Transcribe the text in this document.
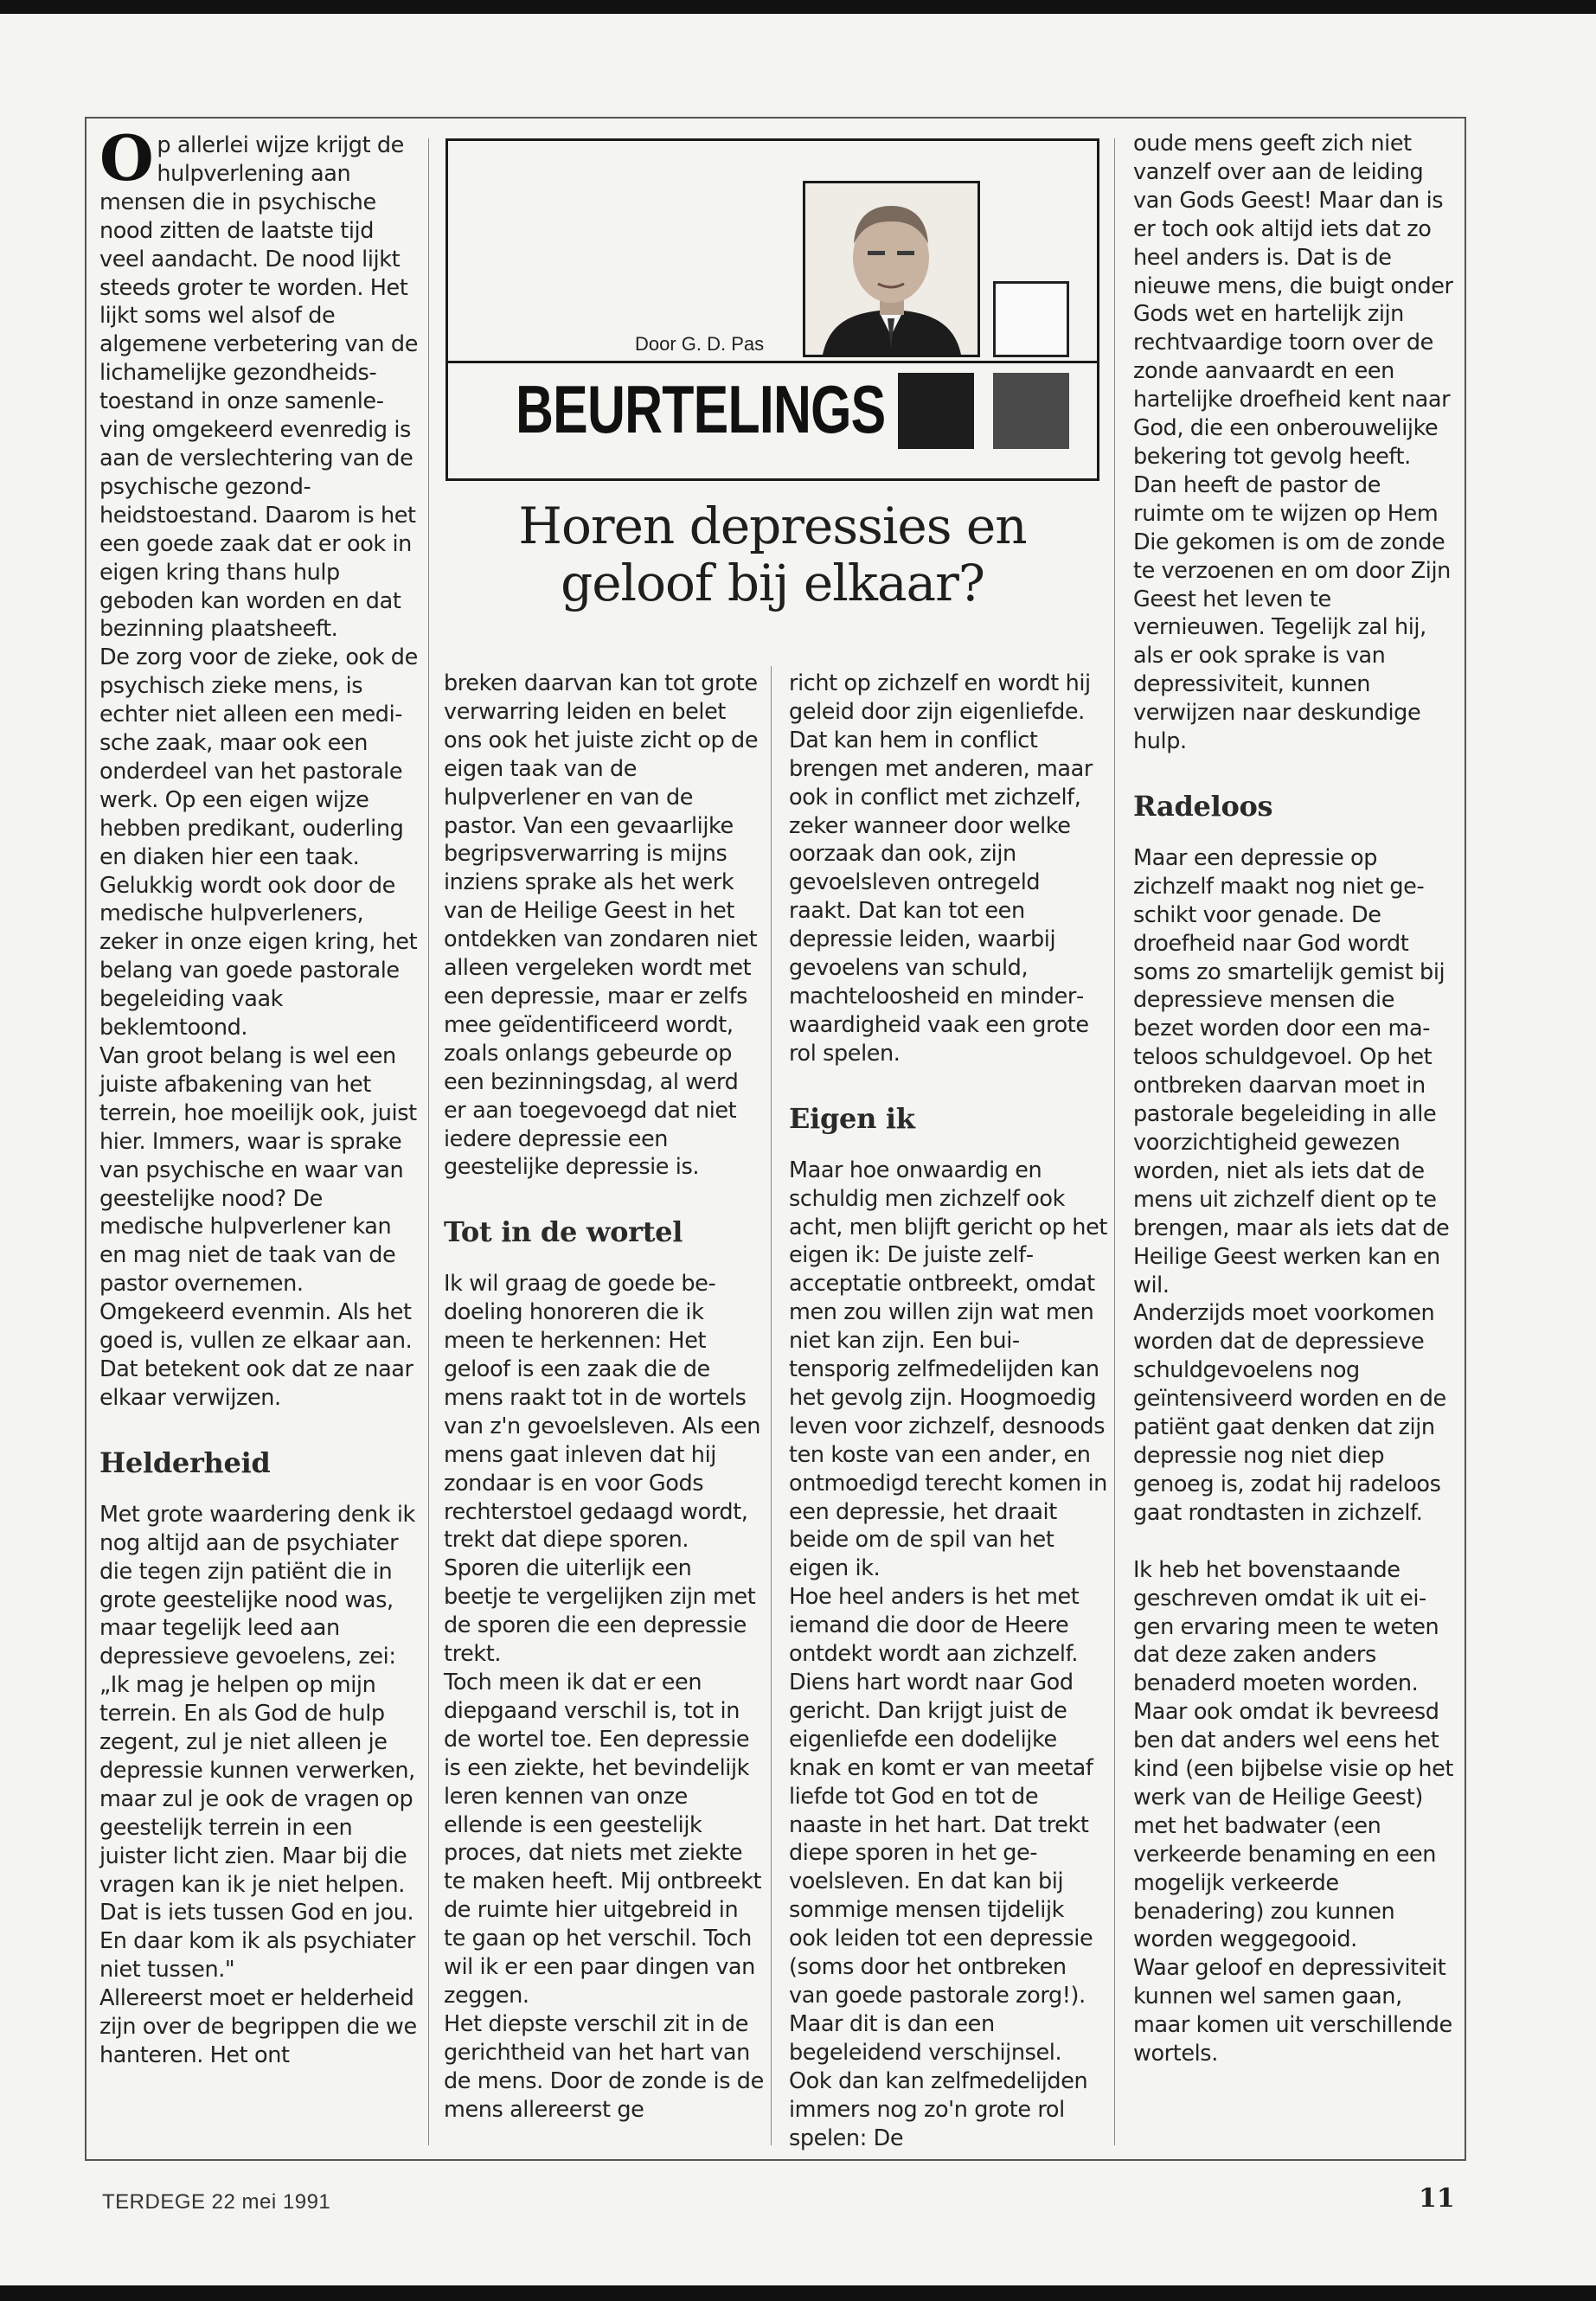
Op allerlei wijze krijgt de hulpverlening aan mensen die in psychische nood zitten de laatste tijd veel aandacht. De nood lijkt steeds groter te worden. Het lijkt soms wel alsof de algemene verbetering van de lichamelijke gezondheidstoestand in onze samenleving omgekeerd evenredig is aan de verslechtering van de psychische gezondheidstoestand. Daarom is het een goede zaak dat er ook in eigen kring thans hulp geboden kan worden en dat bezinning plaatsheeft.

De zorg voor de zieke, ook de psychisch zieke mens, is echter niet alleen een medische zaak, maar ook een onderdeel van het pastorale werk. Op een eigen wijze hebben predikant, ouderling en diaken hier een taak. Gelukkig wordt ook door de medische hulpverleners, zeker in onze eigen kring, het belang van goede pastorale begeleiding vaak beklemtoond.

Van groot belang is wel een juiste afbakening van het terrein, hoe moeilijk ook, juist hier. Immers, waar is sprake van psychische en waar van geestelijke nood? De medische hulpverlener kan en mag niet de taak van de pastor overnemen. Omgekeerd evenmin. Als het goed is, vullen ze elkaar aan. Dat betekent ook dat ze naar elkaar verwijzen.

Helderheid

Met grote waardering denk ik nog altijd aan de psychiater die tegen zijn patiënt die in grote geestelijke nood was, maar tegelijk leed aan depressieve gevoelens, zei: „Ik mag je helpen op mijn terrein. En als God de hulp zegent, zul je niet alleen je depressie kunnen verwerken, maar zul je ook de vragen op geestelijk terrein in een juister licht zien. Maar bij die vragen kan ik je niet helpen. Dat is iets tussen God en jou. En daar kom ik als psychiater niet tussen."

Allereerst moet er helderheid zijn over de begrippen die we hanteren. Het ont

Door G. D. Pas
BEURTELINGS
Horen depressies en
geloof bij elkaar?

breken daarvan kan tot grote verwarring leiden en belet ons ook het juiste zicht op de eigen taak van de hulpverlener en van de pastor. Van een gevaarlijke begripsverwarring is mijns inziens sprake als het werk van de Heilige Geest in het ontdekken van zondaren niet alleen vergeleken wordt met een depressie, maar er zelfs mee geïdentificeerd wordt, zoals onlangs gebeurde op een bezinningsdag, al werd er aan toegevoegd dat niet iedere depressie een geestelijke depressie is.

Tot in de wortel

Ik wil graag de goede bedoeling honoreren die ik meen te herkennen: Het geloof is een zaak die de mens raakt tot in de wortels van z'n gevoelsleven. Als een mens gaat inleven dat hij zondaar is en voor Gods rechterstoel gedaagd wordt, trekt dat diepe sporen. Sporen die uiterlijk een beetje te vergelijken zijn met de sporen die een depressie trekt.

Toch meen ik dat er een diepgaand verschil is, tot in de wortel toe. Een depressie is een ziekte, het bevindelijk leren kennen van onze ellende is een geestelijk proces, dat niets met ziekte te maken heeft. Mij ontbreekt de ruimte hier uitgebreid in te gaan op het verschil. Toch wil ik er een paar dingen van zeggen.

Het diepste verschil zit in de gerichtheid van het hart van de mens. Door de zonde is de mens allereerst ge

richt op zichzelf en wordt hij geleid door zijn eigenliefde. Dat kan hem in conflict brengen met anderen, maar ook in conflict met zichzelf, zeker wanneer door welke oorzaak dan ook, zijn gevoelsleven ontregeld raakt. Dat kan tot een depressie leiden, waarbij gevoelens van schuld, machteloosheid en minderwaardigheid vaak een grote rol spelen.

Eigen ik

Maar hoe onwaardig en schuldig men zichzelf ook acht, men blijft gericht op het eigen ik: De juiste zelfacceptatie ontbreekt, omdat men zou willen zijn wat men niet kan zijn. Een buitensporig zelfmedelijden kan het gevolg zijn. Hoogmoedig leven voor zichzelf, desnoods ten koste van een ander, en ontmoedigd terecht komen in een depressie, het draait beide om de spil van het eigen ik.

Hoe heel anders is het met iemand die door de Heere ontdekt wordt aan zichzelf. Diens hart wordt naar God gericht. Dan krijgt juist de eigenliefde een dodelijke knak en komt er van meetaf liefde tot God en tot de naaste in het hart. Dat trekt diepe sporen in het gevoelsleven. En dat kan bij sommige mensen tijdelijk ook leiden tot een depressie (soms door het ontbreken van goede pastorale zorg!). Maar dit is dan een begeleidend verschijnsel. Ook dan kan zelfmedelijden immers nog zo'n grote rol spelen: De

oude mens geeft zich niet vanzelf over aan de leiding van Gods Geest! Maar dan is er toch ook altijd iets dat zo heel anders is. Dat is de nieuwe mens, die buigt onder Gods wet en hartelijk zijn rechtvaardige toorn over de zonde aanvaardt en een hartelijke droefheid kent naar God, die een onberouwelijke bekering tot gevolg heeft.

Dan heeft de pastor de ruimte om te wijzen op Hem Die gekomen is om de zonde te verzoenen en om door Zijn Geest het leven te vernieuwen. Tegelijk zal hij, als er ook sprake is van depressiviteit, kunnen verwijzen naar deskundige hulp.

Radeloos

Maar een depressie op zichzelf maakt nog niet geschikt voor genade. De droefheid naar God wordt soms zo smartelijk gemist bij depressieve mensen die bezet worden door een mateloos schuldgevoel. Op het ontbreken daarvan moet in pastorale begeleiding in alle voorzichtigheid gewezen worden, niet als iets dat de mens uit zichzelf dient op te brengen, maar als iets dat de Heilige Geest werken kan en wil.

Anderzijds moet voorkomen worden dat de depressieve schuldgevoelens nog geïntensiveerd worden en de patiënt gaat denken dat zijn depressie nog niet diep genoeg is, zodat hij radeloos gaat rondtasten in zichzelf.

Ik heb het bovenstaande geschreven omdat ik uit eigen ervaring meen te weten dat deze zaken anders benaderd moeten worden. Maar ook omdat ik bevreesd ben dat anders wel eens het kind (een bijbelse visie op het werk van de Heilige Geest) met het badwater (een verkeerde benaming en een mogelijk verkeerde benadering) zou kunnen worden weggegooid.

Waar geloof en depressiviteit kunnen wel samen gaan, maar komen uit verschillende wortels.

TERDEGE 22 mei 1991	11
